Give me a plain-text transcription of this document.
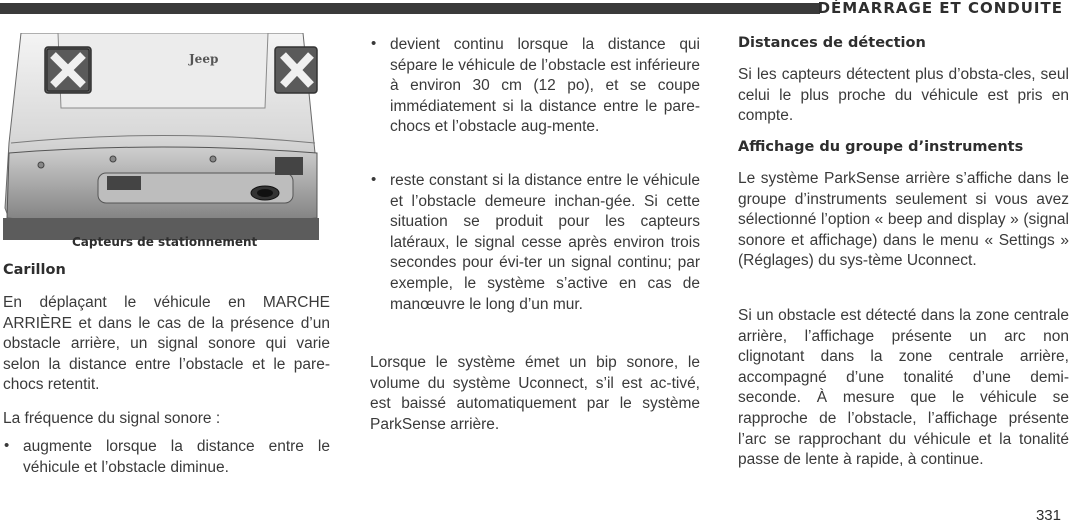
DÉMARRAGE ET CONDUITE
Jeep
Capteurs de stationnement
Carillon

En déplaçant le véhicule en MARCHE ARRIÈRE et dans le cas de la présence d’un obstacle arrière, un signal sonore qui varie selon la distance entre l’obstacle et le pare-chocs retentit.

La fréquence du signal sonore :

• augmente lorsque la distance entre le véhicule et l’obstacle diminue.

• devient continu lorsque la distance qui sépare le véhicule de l’obstacle est inférieure à environ 30 cm (12 po), et se coupe immédiatement si la distance entre le pare-chocs et l’obstacle aug-mente.

• reste constant si la distance entre le véhicule et l’obstacle demeure inchan-gée. Si cette situation se produit pour les capteurs latéraux, le signal cesse après environ trois secondes pour évi-ter un signal continu; par exemple, le système s’active en cas de manœuvre le long d’un mur.

Lorsque le système émet un bip sonore, le volume du système Uconnect, s’il est ac-tivé, est baissé automatiquement par le système ParkSense arrière.

Distances de détection

Si les capteurs détectent plus d’obsta-cles, seul celui le plus proche du véhicule est pris en compte.

Affichage du groupe d’instruments

Le système ParkSense arrière s’affiche dans le groupe d’instruments seulement si vous avez sélectionné l’option « beep and display » (signal sonore et affichage) dans le menu « Settings » (Réglages) du sys-tème Uconnect.

Si un obstacle est détecté dans la zone centrale arrière, l’affichage présente un arc non clignotant dans la zone centrale arrière, accompagné d’une tonalité d’une demi-seconde. À mesure que le véhicule se rapproche de l’obstacle, l’affichage présente l’arc se rapprochant du véhicule et la tonalité passe de lente à rapide, à continue.

331
